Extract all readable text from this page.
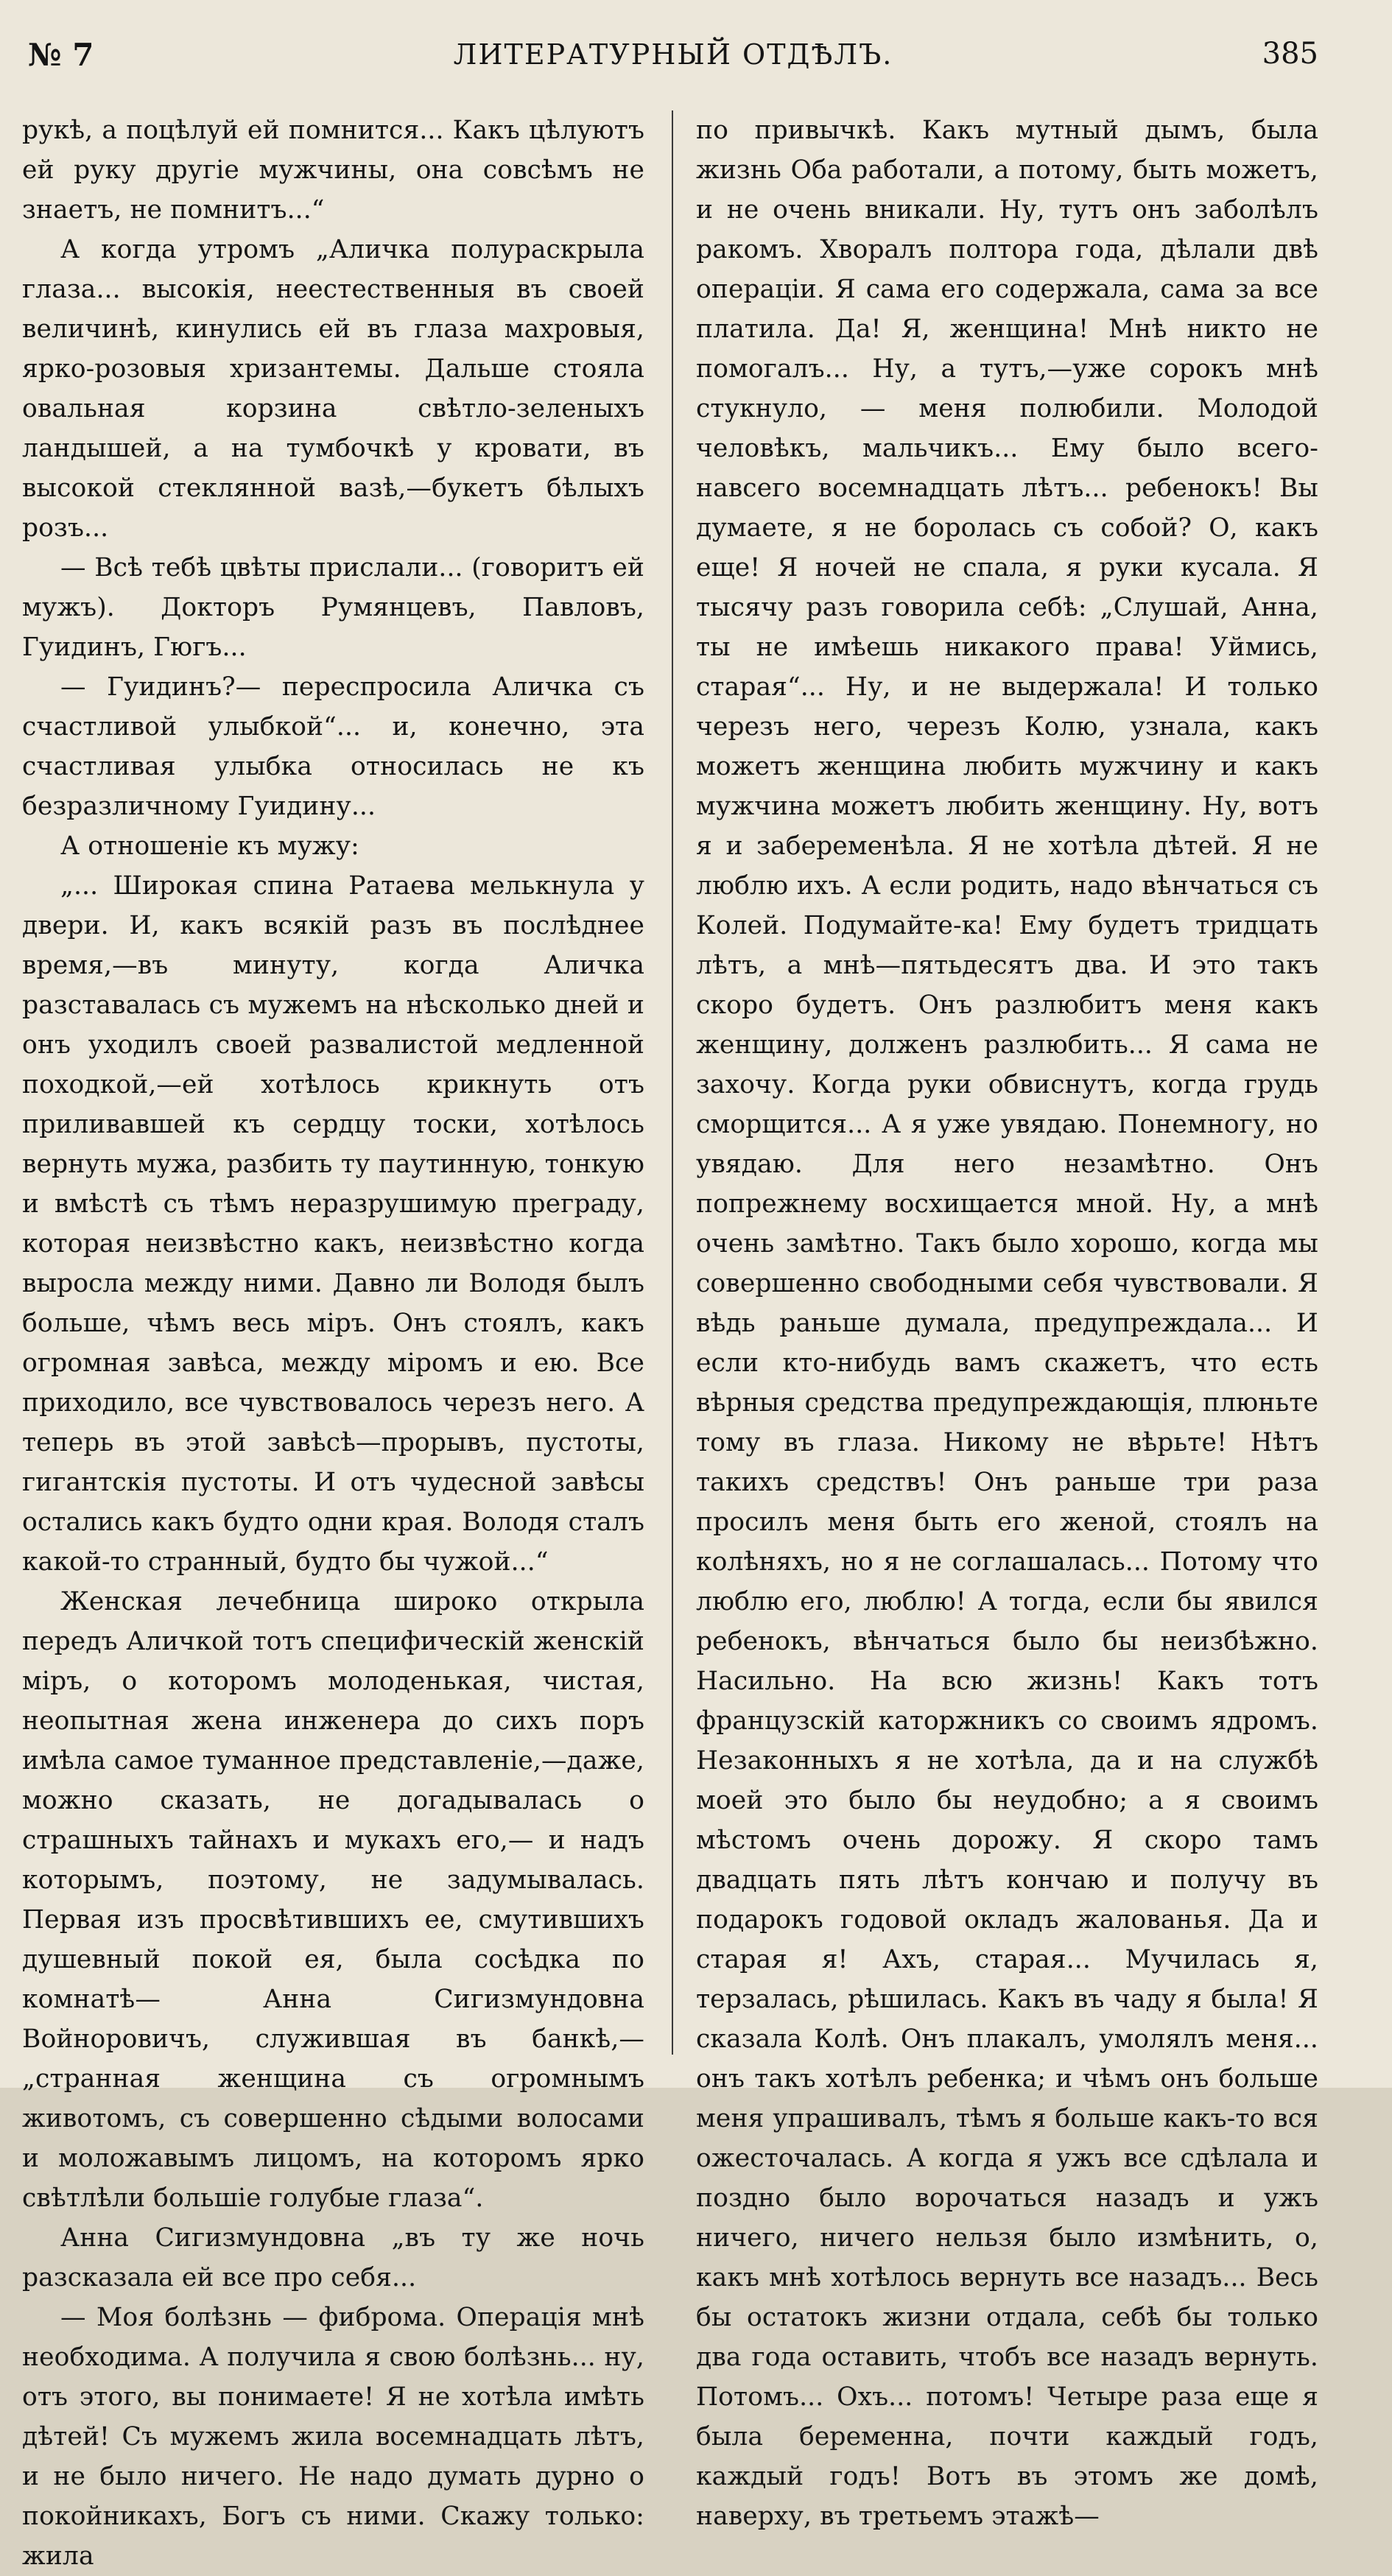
№ 7	ЛИТЕРАТУРНЫЙ ОТДѢЛЪ.	385

рукѣ, а поцѣлуй ей помнится... Какъ цѣлуютъ ей руку другіе мужчины, она совсѣмъ не знаетъ, не помнитъ...“

А когда утромъ „Аличка полураскрыла глаза... высокія, неестественныя въ своей величинѣ, кинулись ей въ глаза махровыя, ярко-розовыя хризантемы. Дальше стояла овальная корзина свѣтло-зеленыхъ ландышей, а на тумбочкѣ у кровати, въ высокой стеклянной вазѣ,—букетъ бѣлыхъ розъ...

— Всѣ тебѣ цвѣты прислали... (говоритъ ей мужъ). Докторъ Румянцевъ, Павловъ, Гуидинъ, Гюгъ...

— Гуидинъ?— переспросила Аличка съ счастливой улыбкой“... и, конечно, эта счастливая улыбка относилась не къ безразличному Гуидину...

А отношеніе къ мужу:

„... Широкая спина Ратаева мелькнула у двери. И, какъ всякій разъ въ послѣднее время,—въ минуту, когда Аличка разставалась съ мужемъ на нѣсколько дней и онъ уходилъ своей развалистой медленной походкой,—ей хотѣлось крикнуть отъ приливавшей къ сердцу тоски, хотѣлось вернуть мужа, разбить ту паутинную, тонкую и вмѣстѣ съ тѣмъ неразрушимую преграду, которая неизвѣстно какъ, неизвѣстно когда выросла между ними. Давно ли Володя былъ больше, чѣмъ весь міръ. Онъ стоялъ, какъ огромная завѣса, между міромъ и ею. Все приходило, все чувствовалось черезъ него. А теперь въ этой завѣсѣ—прорывъ, пустоты, гигантскія пустоты. И отъ чудесной завѣсы остались какъ будто одни края. Володя сталъ какой-то странный, будто бы чужой...“

Женская лечебница широко открыла передъ Аличкой тотъ специфическій женскій міръ, о которомъ молоденькая, чистая, неопытная жена инженера до сихъ поръ имѣла самое туманное представленіе,—даже, можно сказать, не догадывалась о страшныхъ тайнахъ и мукахъ его,— и надъ которымъ, поэтому, не задумывалась. Первая изъ просвѣтившихъ ее, смутившихъ душевный покой ея, была сосѣдка по комнатѣ— Анна Сигизмундовна Войноровичъ, служившая въ банкѣ,—„странная женщина съ огромнымъ животомъ, съ совершенно сѣдыми волосами и моложавымъ лицомъ, на которомъ ярко свѣтлѣли большіе голубые глаза“.

Анна Сигизмундовна „въ ту же ночь разсказала ей все про себя...

— Моя болѣзнь — фиброма. Операція мнѣ необходима. А получила я свою болѣзнь... ну, отъ этого, вы понимаете! Я не хотѣла имѣть дѣтей! Съ мужемъ жила восемнадцать лѣтъ, и не было ничего. Не надо думать дурно о покойникахъ, Богъ съ ними. Скажу только: жила

по привычкѣ. Какъ мутный дымъ, была жизнь Оба работали, а потому, быть можетъ, и не очень вникали. Ну, тутъ онъ заболѣлъ ракомъ. Хворалъ полтора года, дѣлали двѣ операціи. Я сама его содержала, сама за все платила. Да! Я, женщина! Мнѣ никто не помогалъ... Ну, а тутъ,—уже сорокъ мнѣ стукнуло, — меня полюбили. Молодой человѣкъ, мальчикъ... Ему было всего-навсего восемнадцать лѣтъ... ребенокъ! Вы думаете, я не боролась съ собой? О, какъ еще! Я ночей не спала, я руки кусала. Я тысячу разъ говорила себѣ: „Слушай, Анна, ты не имѣешь никакого права! Уймись, старая“... Ну, и не выдержала! И только черезъ него, черезъ Колю, узнала, какъ можетъ женщина любить мужчину и какъ мужчина можетъ любить женщину. Ну, вотъ я и забеременѣла. Я не хотѣла дѣтей. Я не люблю ихъ. А если родить, надо вѣнчаться съ Колей. Подумайте-ка! Ему будетъ тридцать лѣтъ, а мнѣ—пятьдесятъ два. И это такъ скоро будетъ. Онъ разлюбитъ меня какъ женщину, долженъ разлюбить... Я сама не захочу. Когда руки обвиснутъ, когда грудь сморщится... А я уже увядаю. Понемногу, но увядаю. Для него незамѣтно. Онъ попрежнему восхищается мной. Ну, а мнѣ очень замѣтно. Такъ было хорошо, когда мы совершенно свободными себя чувствовали. Я вѣдь раньше думала, предупреждала... И если кто-нибудь вамъ скажетъ, что есть вѣрныя средства предупреждающія, плюньте тому въ глаза. Никому не вѣрьте! Нѣтъ такихъ средствъ! Онъ раньше три раза просилъ меня быть его женой, стоялъ на колѣняхъ, но я не соглашалась... Потому что люблю его, люблю! А тогда, если бы явился ребенокъ, вѣнчаться было бы неизбѣжно. Насильно. На всю жизнь! Какъ тотъ французскій каторжникъ со своимъ ядромъ. Незаконныхъ я не хотѣла, да и на службѣ моей это было бы неудобно; а я своимъ мѣстомъ очень дорожу. Я скоро тамъ двадцать пять лѣтъ кончаю и получу въ подарокъ годовой окладъ жалованья. Да и старая я! Ахъ, старая... Мучилась я, терзалась, рѣшилась. Какъ въ чаду я была! Я сказала Колѣ. Онъ плакалъ, умолялъ меня... онъ такъ хотѣлъ ребенка; и чѣмъ онъ больше меня упрашивалъ, тѣмъ я больше какъ-то вся ожесточалась. А когда я ужъ все сдѣлала и поздно было ворочаться назадъ и ужъ ничего, ничего нельзя было измѣнить, о, какъ мнѣ хотѣлось вернуть все назадъ... Весь бы остатокъ жизни отдала, себѣ бы только два года оставить, чтобъ все назадъ вернуть. Потомъ... Охъ... потомъ! Четыре раза еще я была беременна, почти каждый годъ, каждый годъ! Вотъ въ этомъ же домѣ, наверху, въ третьемъ этажѣ—
